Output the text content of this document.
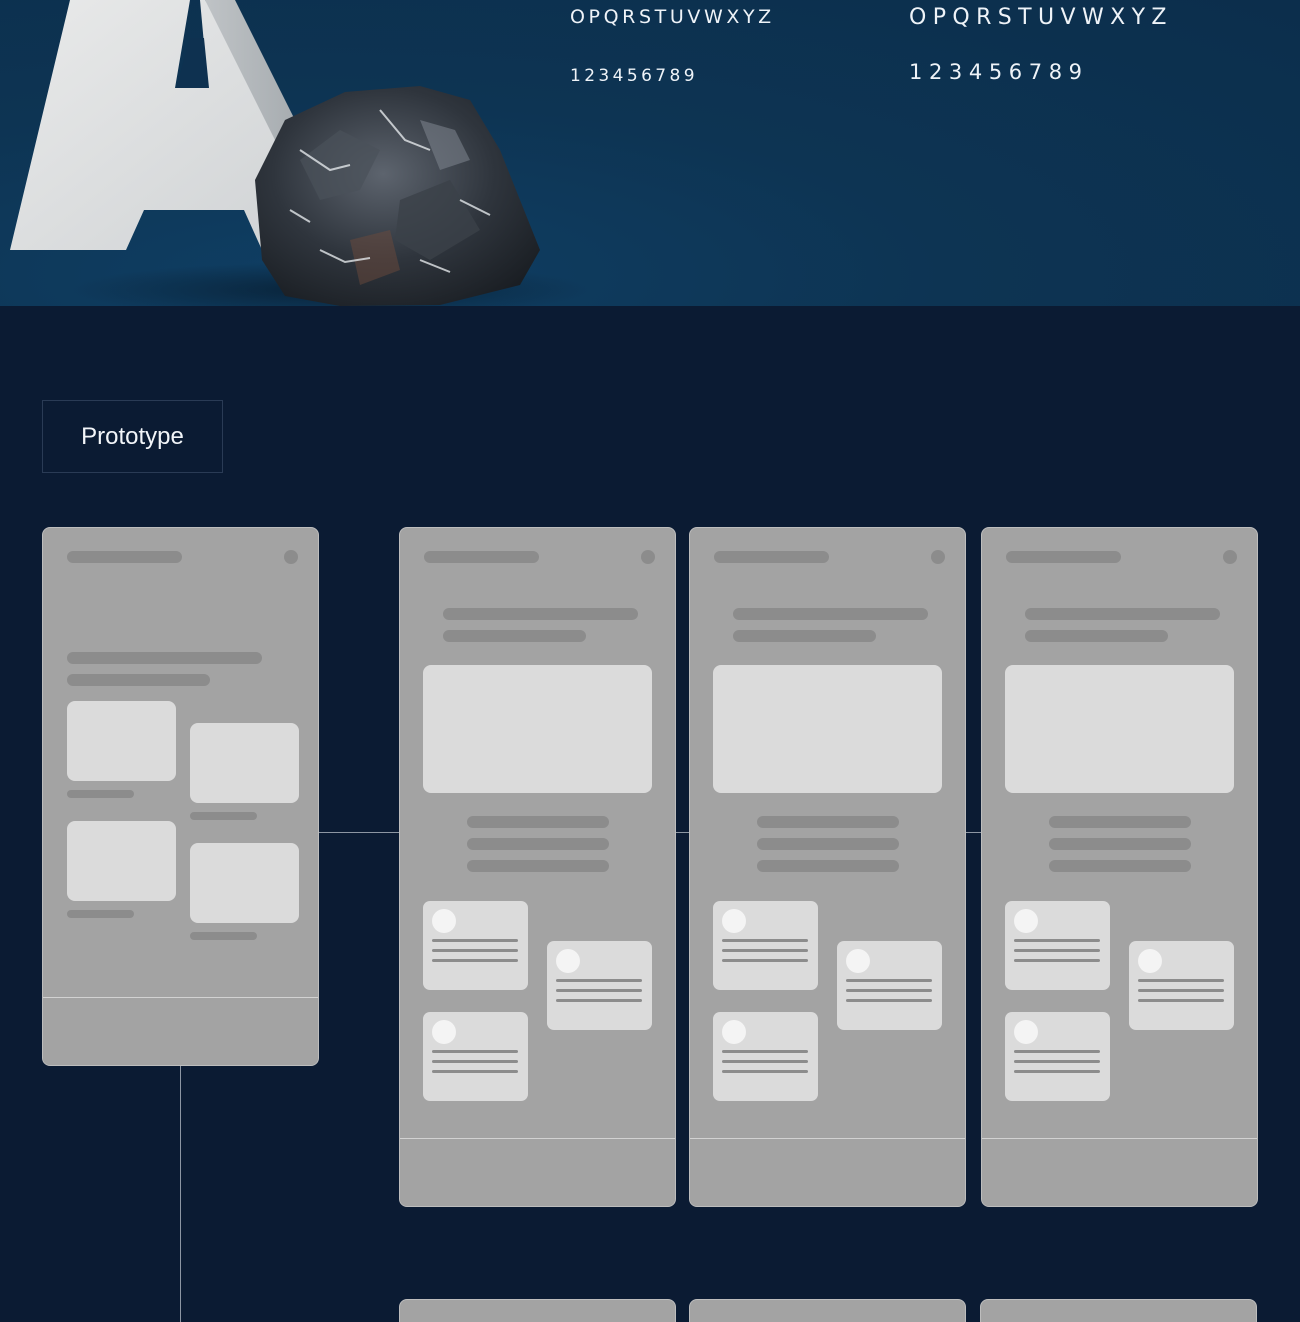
OPQRSTUVWXYZ
123456789
OPQRSTUVWXYZ
123456789
Prototype
